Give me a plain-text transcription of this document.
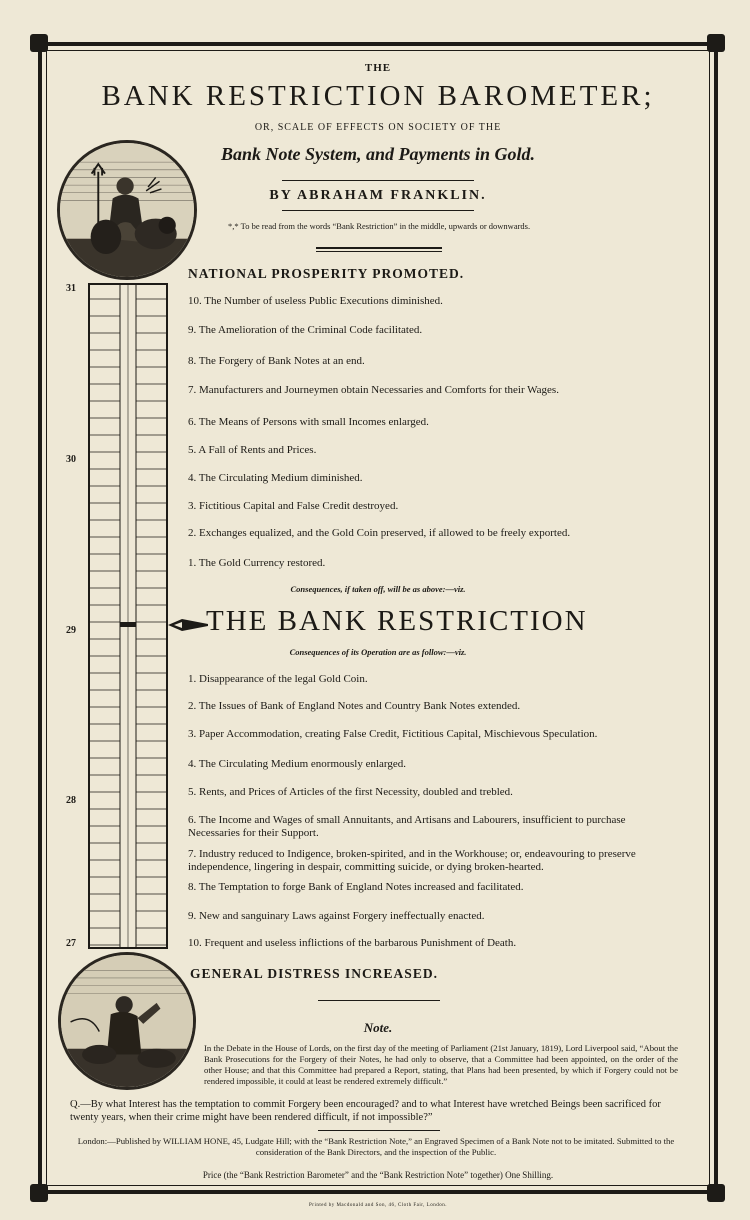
THE
BANK RESTRICTION BAROMETER;
OR, SCALE OF EFFECTS ON SOCIETY OF THE
Bank Note System, and Payments in Gold.
BY ABRAHAM FRANKLIN.
*,* To be read from the words “Bank Restriction” in the middle, upwards or downwards.
31
30
29
28
27
NATIONAL PROSPERITY PROMOTED.
10. The Number of useless Public Executions diminished.
9. The Amelioration of the Criminal Code facilitated.
8. The Forgery of Bank Notes at an end.
7. Manufacturers and Journeymen obtain Necessaries and Comforts for their Wages.
6. The Means of Persons with small Incomes enlarged.
5. A Fall of Rents and Prices.
4. The Circulating Medium diminished.
3. Fictitious Capital and False Credit destroyed.
2. Exchanges equalized, and the Gold Coin preserved, if allowed to be freely exported.
1. The Gold Currency restored.
Consequences, if taken off, will be as above:—viz.
THE BANK RESTRICTION
Consequences of its Operation are as follow:—viz.
1. Disappearance of the legal Gold Coin.
2. The Issues of Bank of England Notes and Country Bank Notes extended.
3. Paper Accommodation, creating False Credit, Fictitious Capital, Mischievous Speculation.
4. The Circulating Medium enormously enlarged.
5. Rents, and Prices of Articles of the first Necessity, doubled and trebled.
6. The Income and Wages of small Annuitants, and Artisans and Labourers, insufficient to purchase Necessaries for their Support.
7. Industry reduced to Indigence, broken-spirited, and in the Workhouse; or, endeavouring to preserve independence, lingering in despair, committing suicide, or dying broken-hearted.
8. The Temptation to forge Bank of England Notes increased and facilitated.
9. New and sanguinary Laws against Forgery ineffectually enacted.
10. Frequent and useless inflictions of the barbarous Punishment of Death.
GENERAL DISTRESS INCREASED.
Note.
In the Debate in the House of Lords, on the first day of the meeting of Parliament (21st January, 1819), Lord Liverpool said, “About the Bank Prosecutions for the Forgery of their Notes, he had only to observe, that a Committee had been appointed, on the order of the other House; and that this Committee had prepared a Report, stating, that Plans had been presented, by which if Forgery could not be rendered impossible, it could at least be rendered extremely difficult.”
Q.—By what Interest has the temptation to commit Forgery been encouraged? and to what Interest have wretched Beings been sacrificed for twenty years, when their crime might have been rendered difficult, if not impossible?”
London:—Published by WILLIAM HONE, 45, Ludgate Hill; with the “Bank Restriction Note,” an Engraved Specimen of a Bank Note not to be imitated. Submitted to the consideration of the Bank Directors, and the inspection of the Public.
Price (the “Bank Restriction Barometer” and the “Bank Restriction Note” together) One Shilling.
Printed by Macdonald and Son, 46, Cloth Fair, London.
